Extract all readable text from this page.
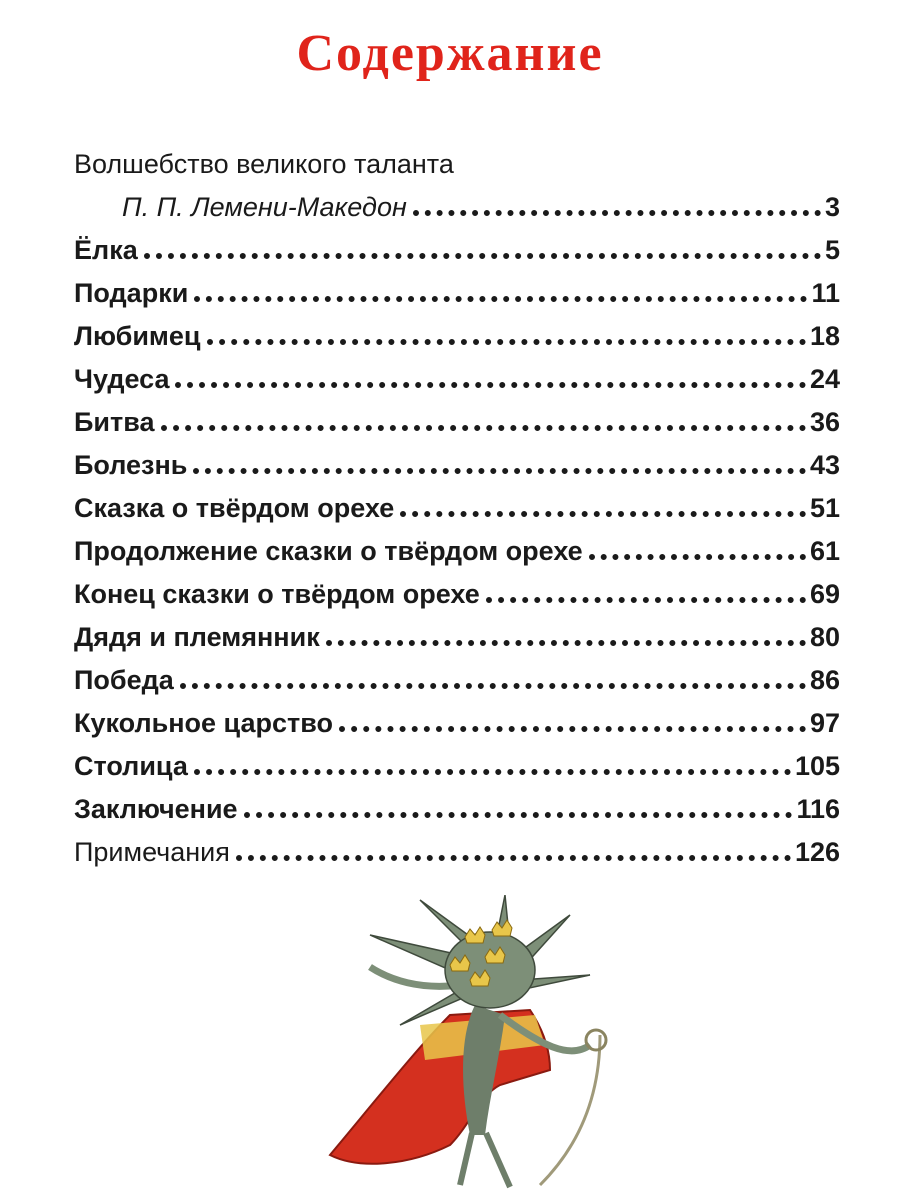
Содержание
Волшебство великого таланта
П. П. Лемени-Македон	3
Ёлка	5
Подарки	11
Любимец	18
Чудеса	24
Битва	36
Болезнь	43
Сказка о твёрдом орехе	51
Продолжение сказки о твёрдом орехе	61
Конец сказки о твёрдом орехе	69
Дядя и племянник	80
Победа	86
Кукольное царство	97
Столица	105
Заключение	116
Примечания	126
